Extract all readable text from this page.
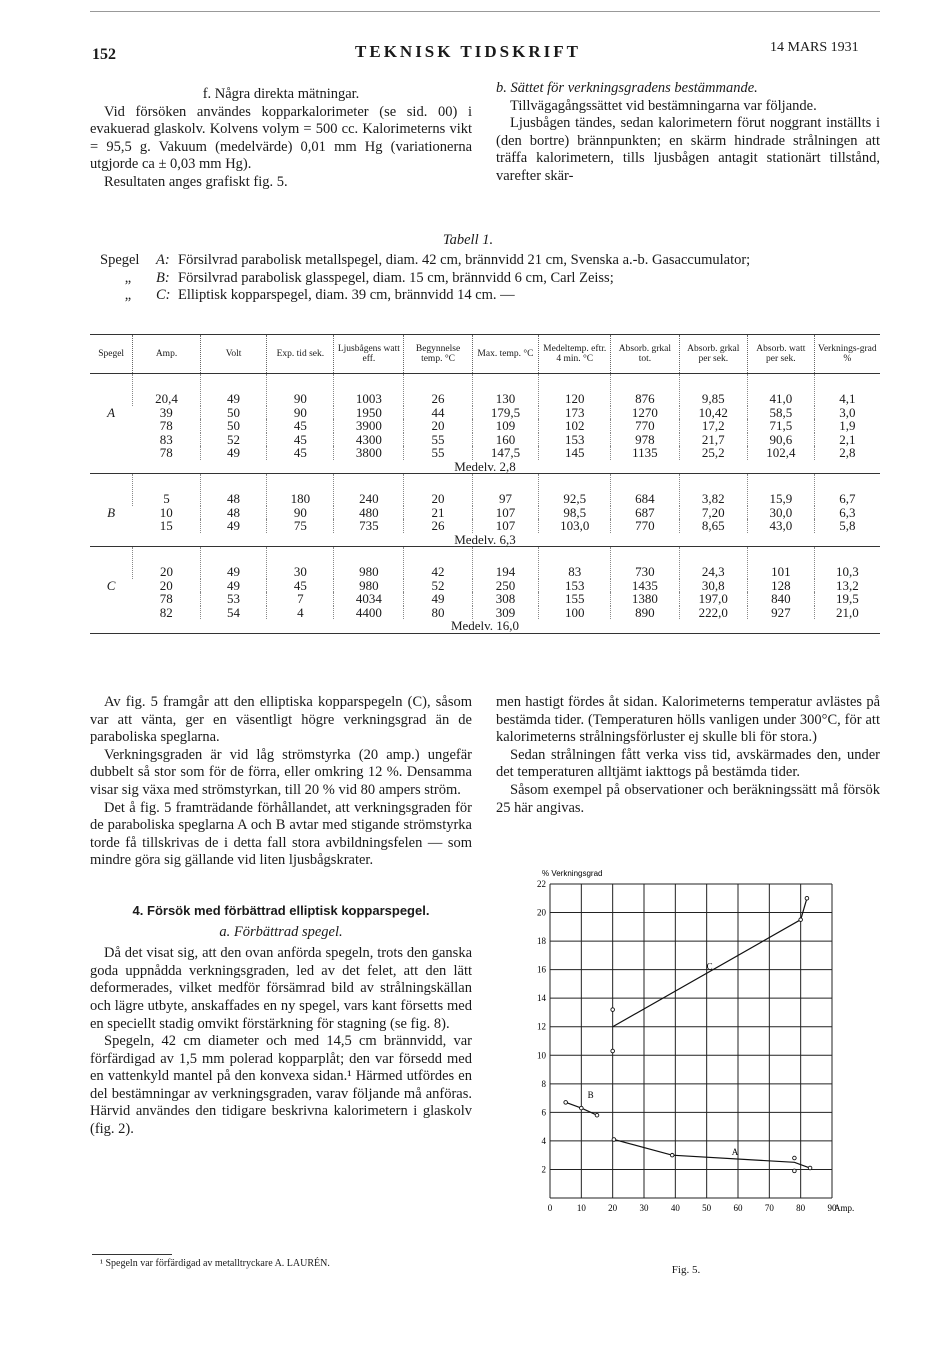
152	TEKNISK TIDSKRIFT	14 MARS 1931

f. Några direkta mätningar.

Vid försöken användes kopparkalorimeter (se sid. 00) i evakuerad glaskolv. Kolvens volym = 500 cc. Kalorimeterns vikt = 95,5 g. Vakuum (medelvärde) 0,01 mm Hg (variationerna utgjorde ca ± 0,03 mm Hg).

Resultaten anges grafiskt fig. 5.

b. Sättet för verkningsgradens bestämmande.

Tillvägagångssättet vid bestämningarna var följande.

Ljusbågen tändes, sedan kalorimetern förut noggrant inställts i (den bortre) brännpunkten; en skärm hindrade strålningen att träffa kalorimetern, tills ljusbågen antagit stationärt tillstånd, varefter skär-

Tabell 1.
Spegel	A: Försilvrad parabolisk metallspegel, diam. 42 cm, brännvidd 21 cm, Svenska a.-b. Gasaccumulator;
„	B: Försilvrad parabolisk glasspegel, diam. 15 cm, brännvidd 6 cm, Carl Zeiss;
„	C: Elliptisk kopparspegel, diam. 39 cm, brännvidd 14 cm. —
Spegel	Amp.	Volt	Exp. tid sek.	Ljusbågens watt eff.	Begynnelse temp. °C	Max. temp. °C	Medeltemp. eftr. 4 min. °C	Absorb. grkal tot.	Absorb. grkal per sek.	Absorb. watt per sek.	Verknings-grad %
A	20,4	49	90	1003	26	130	120	876	9,85	41,0	4,1
	39	50	90	1950	44	179,5	173	1270	10,42	58,5	3,0
	78	50	45	3900	20	109	102	770	17,2	71,5	1,9
	83	52	45	4300	55	160	153	978	21,7	90,6	2,1
	78	49	45	3800	55	147,5	145	1135	25,2	102,4	2,8
Medelv. 2,8											
B	5	48	180	240	20	97	92,5	684	3,82	15,9	6,7
	10	48	90	480	21	107	98,5	687	7,20	30,0	6,3
	15	49	75	735	26	107	103,0	770	8,65	43,0	5,8
Medelv. 6,3											
C	20	49	30	980	42	194	83	730	24,3	101	10,3
	20	49	45	980	52	250	153	1435	30,8	128	13,2
	78	53	7	4034	49	308	155	1380	197,0	840	19,5
	82	54	4	4400	80	309	100	890	222,0	927	21,0
Medelv. 16,0											

Av fig. 5 framgår att den elliptiska kopparspegeln (C), såsom var att vänta, ger en väsentligt högre verkningsgrad än de paraboliska speglarna.

Verkningsgraden är vid låg strömstyrka (20 amp.) ungefär dubbelt så stor som för de förra, eller omkring 12 %. Densamma visar sig växa med strömstyrkan, till 20 % vid 80 ampers ström.

Det å fig. 5 framträdande förhållandet, att verkningsgraden för de paraboliska speglarna A och B avtar med stigande strömstyrka torde få tillskrivas de i detta fall stora avbildningsfelen — som mindre göra sig gällande vid liten ljusbågskrater.

4. Försök med förbättrad elliptisk kopparspegel.

a. Förbättrad spegel.

Då det visat sig, att den ovan anförda spegeln, trots den ganska goda uppnådda verkningsgraden, led av det felet, att den lätt deformerades, vilket medför försämrad bild av strålningskällan och lägre utbyte, anskaffades en ny spegel, vars kant försetts med en speciellt stadig omvikt förstärkning för stagning (se fig. 8).

Spegeln, 42 cm diameter och med 14,5 cm brännvidd, var förfärdigad av 1,5 mm polerad kopparplåt; den var försedd med en vattenkyld mantel på den konvexa sidan.¹ Härmed utfördes en del bestämningar av verkningsgraden, varav följande må anföras. Härvid användes den tidigare beskrivna kalorimetern i glaskolv (fig. 2).

¹ Spegeln var förfärdigad av metalltryckare A. LAURÉN.

men hastigt fördes åt sidan. Kalorimeterns temperatur avlästes på bestämda tider. (Temperaturen hölls vanligen under 300°C, för att kalorimeterns strålningsförluster ej skulle bli för stora.)

Sedan strålningen fått verka viss tid, avskärmades den, under det temperaturen alltjämt iakttogs på bestämda tider.

Såsom exempel på observationer och beräkningssätt må försök 25 här angivas.

0	10 20 30 40 50 60 70 80 90
2
4
6
8
10
12
14
16
18
20
22
% Verkningsgrad
Amp.
C
B
A
Fig. 5.
